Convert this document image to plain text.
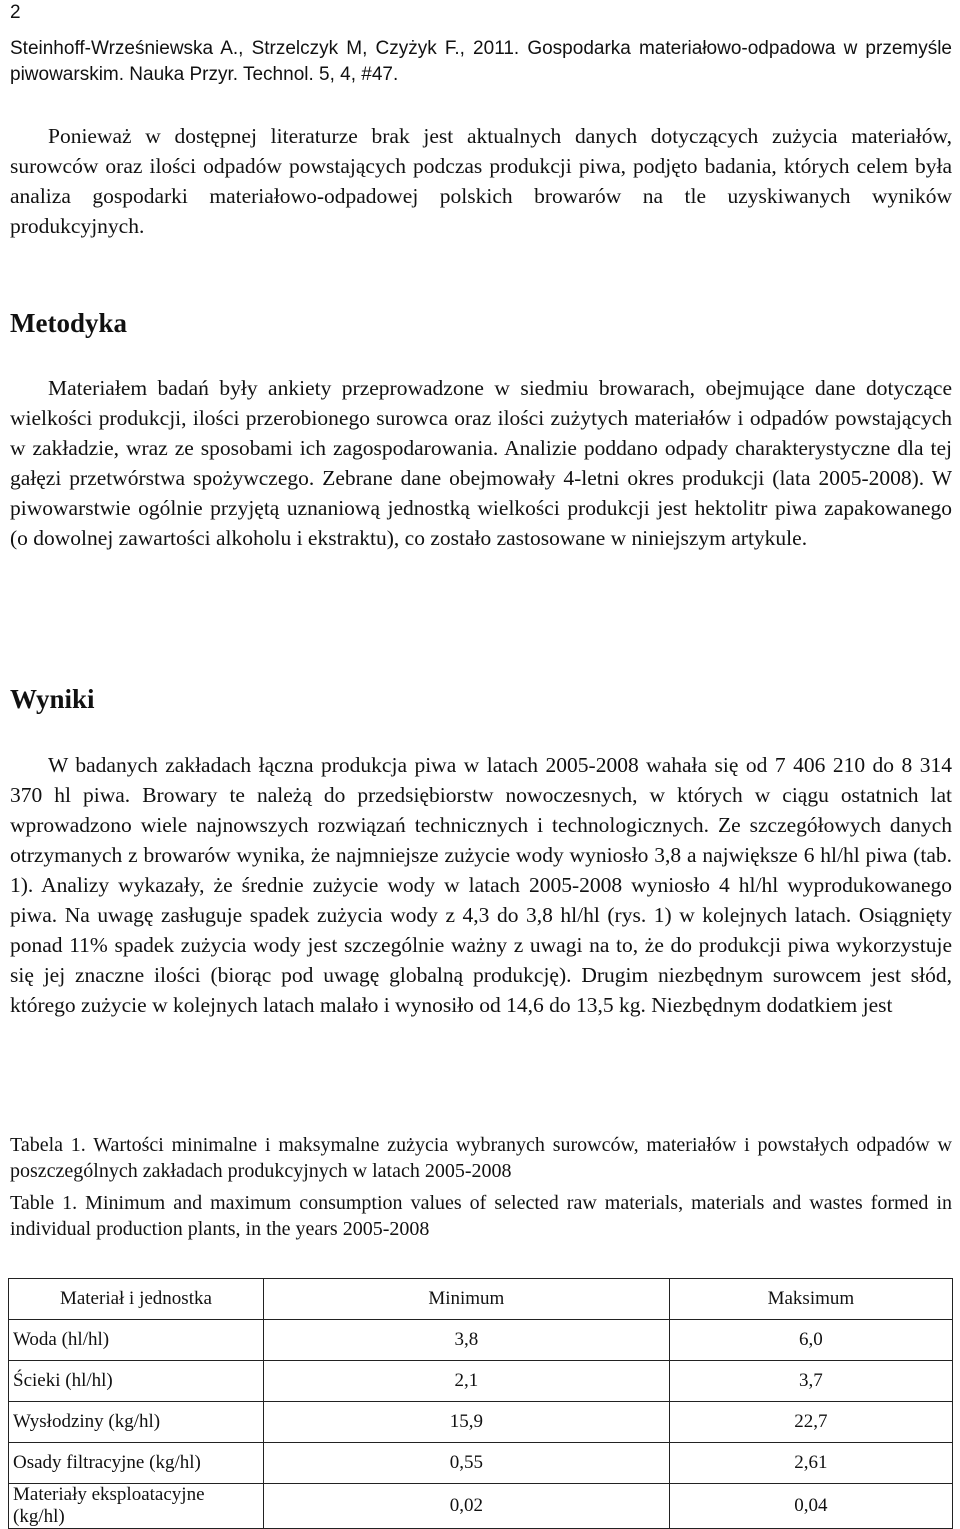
2
Steinhoff-Wrześniewska A., Strzelczyk M, Czyżyk F., 2011. Gospodarka materiałowo-odpadowa w przemyśle piwowarskim. Nauka Przyr. Technol. 5, 4, #47.

Ponieważ w dostępnej literaturze brak jest aktualnych danych dotyczących zużycia materiałów, surowców oraz ilości odpadów powstających podczas produkcji piwa, podjęto badania, których celem była analiza gospodarki materiałowo-odpadowej polskich browarów na tle uzyskiwanych wyników produkcyjnych.

Metodyka

Materiałem badań były ankiety przeprowadzone w siedmiu browarach, obejmujące dane dotyczące wielkości produkcji, ilości przerobionego surowca oraz ilości zużytych materiałów i odpadów powstających w zakładzie, wraz ze sposobami ich zagospodarowania. Analizie poddano odpady charakterystyczne dla tej gałęzi przetwórstwa spożywczego. Zebrane dane obejmowały 4-letni okres produkcji (lata 2005-2008). W piwowarstwie ogólnie przyjętą uznaniową jednostką wielkości produkcji jest hektolitr piwa zapakowanego (o dowolnej zawartości alkoholu i ekstraktu), co zostało zastosowane w niniejszym artykule.

Wyniki

W badanych zakładach łączna produkcja piwa w latach 2005-2008 wahała się od 7 406 210 do 8 314 370 hl piwa. Browary te należą do przedsiębiorstw nowoczesnych, w których w ciągu ostatnich lat wprowadzono wiele najnowszych rozwiązań technicznych i technologicznych. Ze szczegółowych danych otrzymanych z browarów wynika, że najmniejsze zużycie wody wyniosło 3,8 a największe 6 hl/hl piwa (tab. 1). Analizy wykazały, że średnie zużycie wody w latach 2005-2008 wyniosło 4 hl/hl wyprodukowanego piwa. Na uwagę zasługuje spadek zużycia wody z 4,3 do 3,8 hl/hl (rys. 1) w kolejnych latach. Osiągnięty ponad 11% spadek zużycia wody jest szczególnie ważny z uwagi na to, że do produkcji piwa wykorzystuje się jej znaczne ilości (biorąc pod uwagę globalną produkcję). Drugim niezbędnym surowcem jest słód, którego zużycie w kolejnych latach malało i wynosiło od 14,6 do 13,5 kg. Niezbędnym dodatkiem jest

Tabela 1. Wartości minimalne i maksymalne zużycia wybranych surowców, materiałów i powstałych odpadów w poszczególnych zakładach produkcyjnych w latach 2005-2008

Table 1. Minimum and maximum consumption values of selected raw materials, materials and wastes formed in individual production plants, in the years 2005-2008

Materiał i jednostka	Minimum	Maksimum
Woda (hl/hl)	3,8	6,0
Ścieki (hl/hl)	2,1	3,7
Wysłodziny (kg/hl)	15,9	22,7
Osady filtracyjne (kg/hl)	0,55	2,61
Materiały eksploatacyjne (kg/hl)	0,02	0,04
